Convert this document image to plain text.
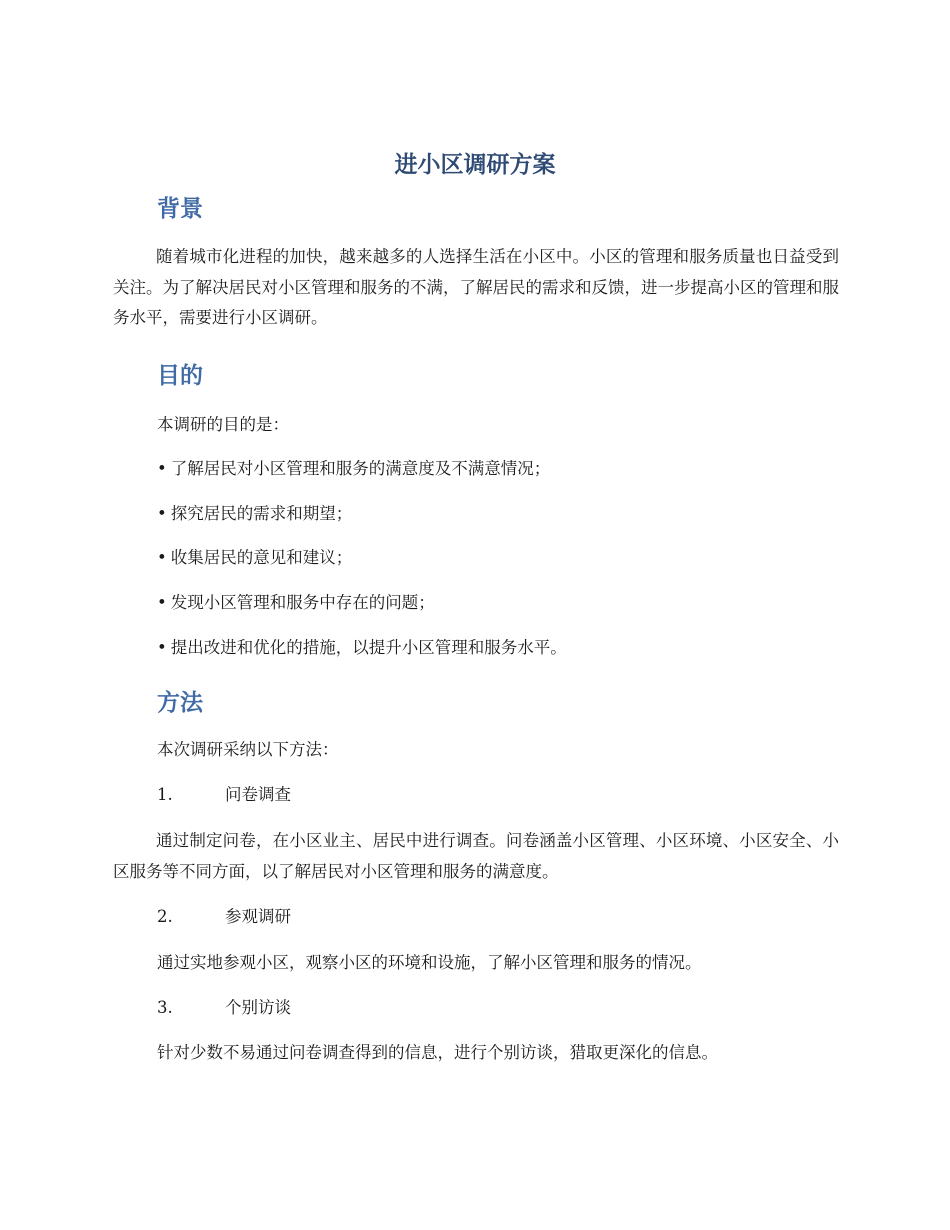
进小区调研方案
背景

随着城市化进程的加快，越来越多的人选择生活在小区中。小区的管理和服务质量也日益受到关注。为了解决居民对小区管理和服务的不满，了解居民的需求和反馈，进一步提高小区的管理和服务水平，需要进行小区调研。

目的

本调研的目的是：

• 了解居民对小区管理和服务的满意度及不满意情况；

• 探究居民的需求和期望；

• 收集居民的意见和建议；

• 发现小区管理和服务中存在的问题；

• 提出改进和优化的措施，以提升小区管理和服务水平。

方法

本次调研采纳以下方法：

1.	问卷调查

通过制定问卷，在小区业主、居民中进行调查。问卷涵盖小区管理、小区环境、小区安全、小区服务等不同方面，以了解居民对小区管理和服务的满意度。

2.	参观调研

通过实地参观小区，观察小区的环境和设施，了解小区管理和服务的情况。

3.	个别访谈

针对少数不易通过问卷调查得到的信息，进行个别访谈，猎取更深化的信息。
